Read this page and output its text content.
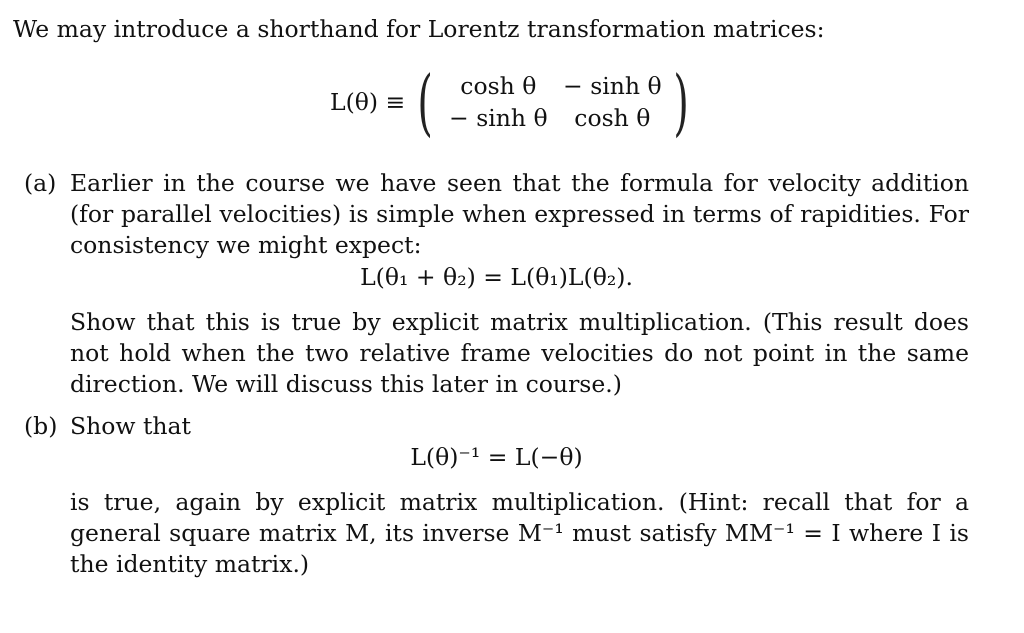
We may introduce a shorthand for Lorentz transformation matrices:
L(θ) ≡ (	cosh θ	− sinh θ
− sinh θ	cosh θ )
(a) Earlier in the course we have seen that the formula for velocity addition (for parallel velocities) is simple when expressed in terms of rapidities. For consistency we might expect:

L(θ₁ + θ₂) = L(θ₁)L(θ₂).

Show that this is true by explicit matrix multiplication. (This result does not hold when the two relative frame velocities do not point in the same direction. We will discuss this later in course.)

(b) Show that

L(θ)⁻¹ = L(−θ)

is true, again by explicit matrix multiplication. (Hint: recall that for a general square matrix M, its inverse M⁻¹ must satisfy MM⁻¹ = I where I is the identity matrix.)
